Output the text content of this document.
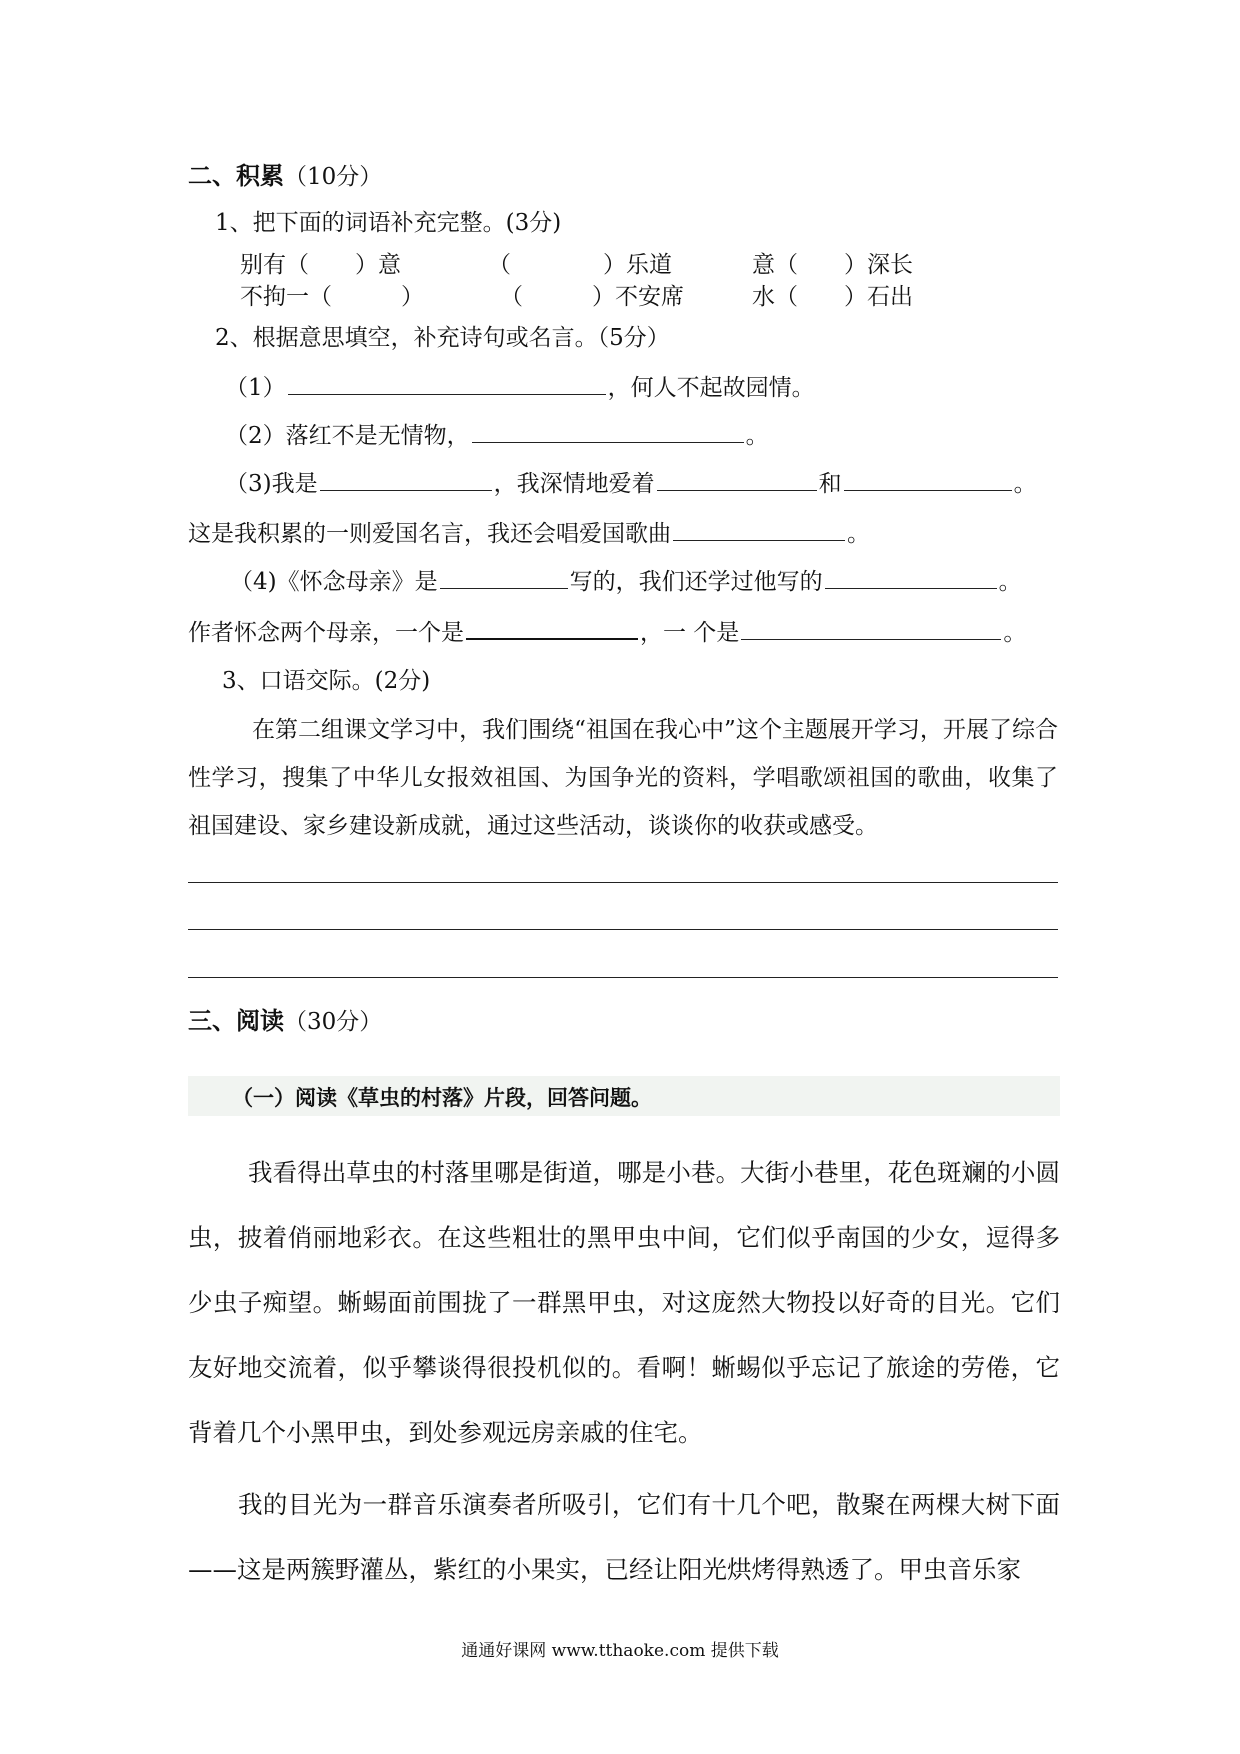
二、积累（10分）
1、把下面的词语补充完整。(3分)
别有（　　）意	（　　　　）乐道	意（　　）深长
不拘一（　　　）	（　　　）不安席	水（　　）石出
2、根据意思填空，补充诗句或名言。（5分）
（1）	，何人不起故园情。
（2）落红不是无情物，	。
（3)我是	，我深情地爱着	和	。
这是我积累的一则爱国名言，我还会唱爱国歌曲	。
（4)《怀念母亲》是	写的，我们还学过他写的	。
作者怀念两个母亲，一个是	，一 个是	。
3、口语交际。(2分)
在第二组课文学习中，我们围绕“祖国在我心中”这个主题展开学习，开展了综合性学习，搜集了中华儿女报效祖国、为国争光的资料，学唱歌颂祖国的歌曲，收集了祖国建设、家乡建设新成就，通过这些活动，谈谈你的收获或感受。
三、阅读（30分）
（一）阅读《草虫的村落》片段，回答问题。
我看得出草虫的村落里哪是街道，哪是小巷。大街小巷里，花色斑斓的小圆虫，披着俏丽地彩衣。在这些粗壮的黑甲虫中间，它们似乎南国的少女，逗得多少虫子痴望。蜥蜴面前围拢了一群黑甲虫，对这庞然大物投以好奇的目光。它们友好地交流着，似乎攀谈得很投机似的。看啊！蜥蜴似乎忘记了旅途的劳倦，它背着几个小黑甲虫，到处参观远房亲戚的住宅。
我的目光为一群音乐演奏者所吸引，它们有十几个吧，散聚在两棵大树下面——这是两簇野灌丛，紫红的小果实，已经让阳光烘烤得熟透了。甲虫音乐家
通通好课网 www.tthaoke.com 提供下载
